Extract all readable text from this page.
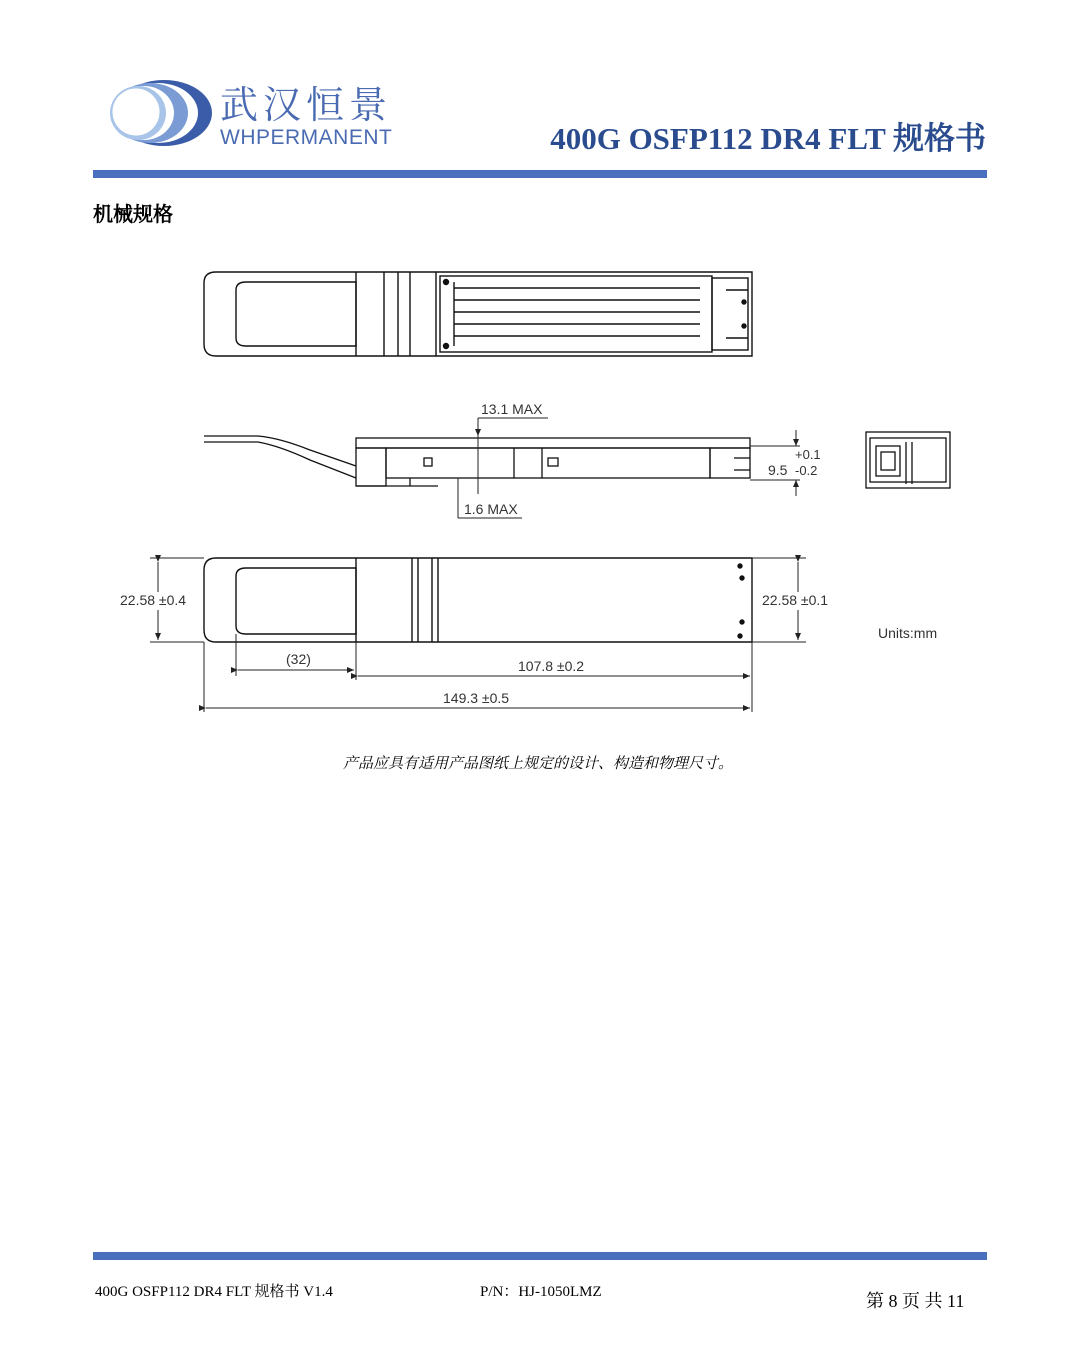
武汉恒景
WHPERMANENT	400G OSFP112 DR4 FLT 规格书
机械规格
13.1 MAX
1.6 MAX
+0.1
9.5 -0.2
22.58 ±0.4	22.58 ±0.1
Units:mm
(32)	107.8 ±0.2
149.3 ±0.5
产品应具有适用产品图纸上规定的设计、构造和物理尺寸。
400G OSFP112 DR4 FLT 规格书 V1.4	P/N：HJ-1050LMZ	第 8 页 共 11
